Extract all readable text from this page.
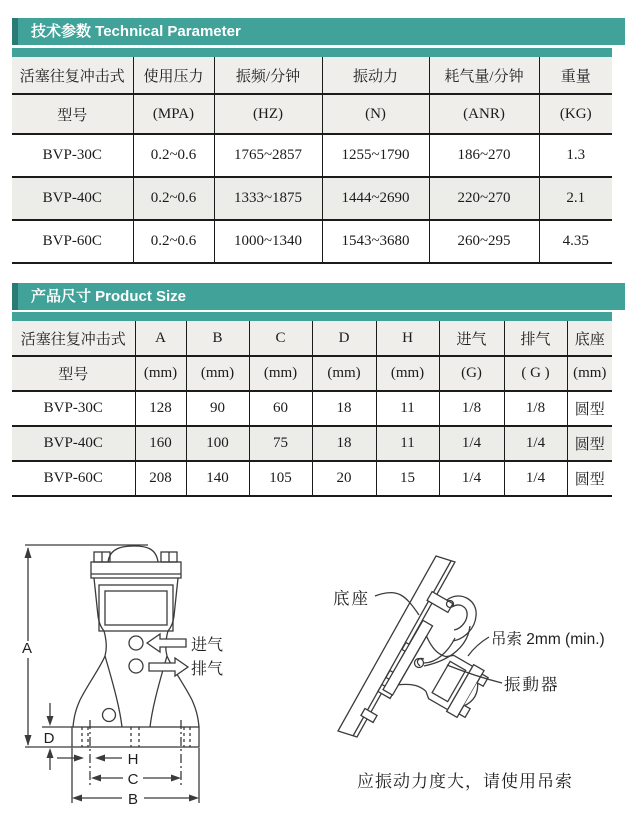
技术参数 Technical Parameter
活塞往复冲击式	使用压力	振频/分钟	振动力	耗气量/分钟	重量
型号	(MPA)	(HZ)	(N)	(ANR)	(KG)
BVP-30C	0.2~0.6	1765~2857	1255~1790	186~270	1.3
BVP-40C	0.2~0.6	1333~1875	1444~2690	220~270	2.1
BVP-60C	0.2~0.6	1000~1340	1543~3680	260~295	4.35
产品尺寸 Product Size
活塞往复冲击式	A	B	C	D	H	进气	排气	底座
型号	(mm)	(mm)	(mm)	(mm)	(mm)	(G)	( G )	(mm)
BVP-30C	128	90	60	18	11	1/8	1/8	圆型
BVP-40C	160	100	75	18	11	1/4	1/4	圆型
BVP-60C	208	140	105	20	15	1/4	1/4	圆型
A
D
H
C
B
进气
排气
底座
吊索 2mm (min.)
振動器
应振动力度大，请使用吊索
